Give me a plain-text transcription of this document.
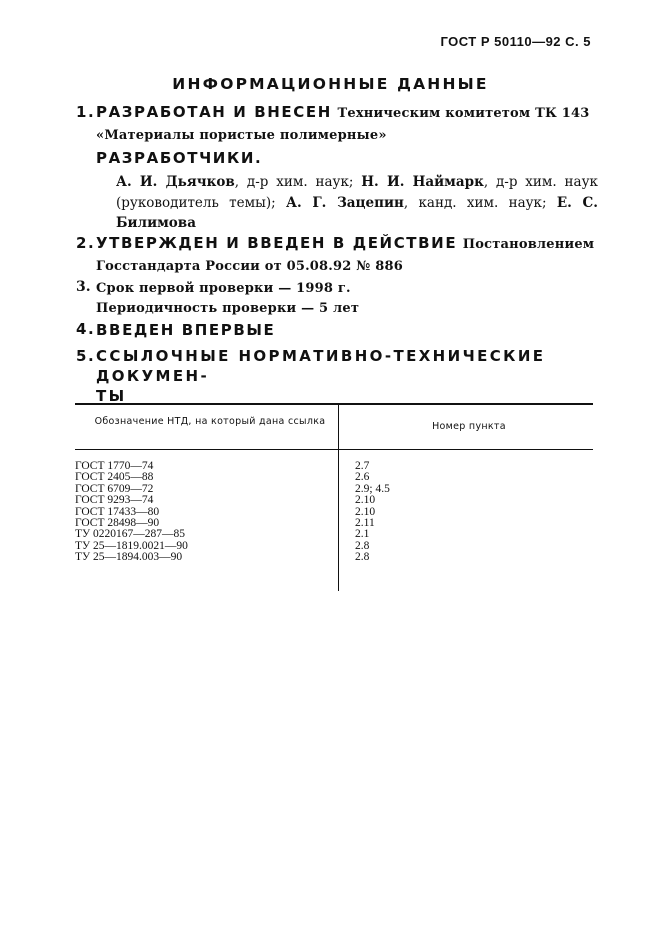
ГОСТ Р 50110—92 С. 5
ИНФОРМАЦИОННЫЕ ДАННЫЕ
1. РАЗРАБОТАН И ВНЕСЕН Техническим комитетом ТК 143
«Материалы пористые полимерные»
РАЗРАБОТЧИКИ.
А. И. Дьячков, д-р хим. наук; Н. И. Наймарк, д-р хим. наук (руководитель темы); А. Г. Зацепин, канд. хим. наук; Е. С. Билимова
2. УТВЕРЖДЕН И ВВЕДЕН В ДЕЙСТВИЕ Постановлением
Госстандарта России от 05.08.92 № 886
3. Срок первой проверки — 1998 г.
Периодичность проверки — 5 лет
4. ВВЕДЕН ВПЕРВЫЕ
5. ССЫЛОЧНЫЕ НОРМАТИВНО-ТЕХНИЧЕСКИЕ ДОКУМЕН-
ТЫ
Обозначение НТД, на который дана ссылка	Номер пункта
ГОСТ 1770—74	2.7
ГОСТ 2405—88	2.6
ГОСТ 6709—72	2.9; 4.5
ГОСТ 9293—74	2.10
ГОСТ 17433—80	2.10
ГОСТ 28498—90	2.11
ТУ 0220167—287—85	2.1
ТУ 25—1819.0021—90	2.8
ТУ 25—1894.003—90	2.8
